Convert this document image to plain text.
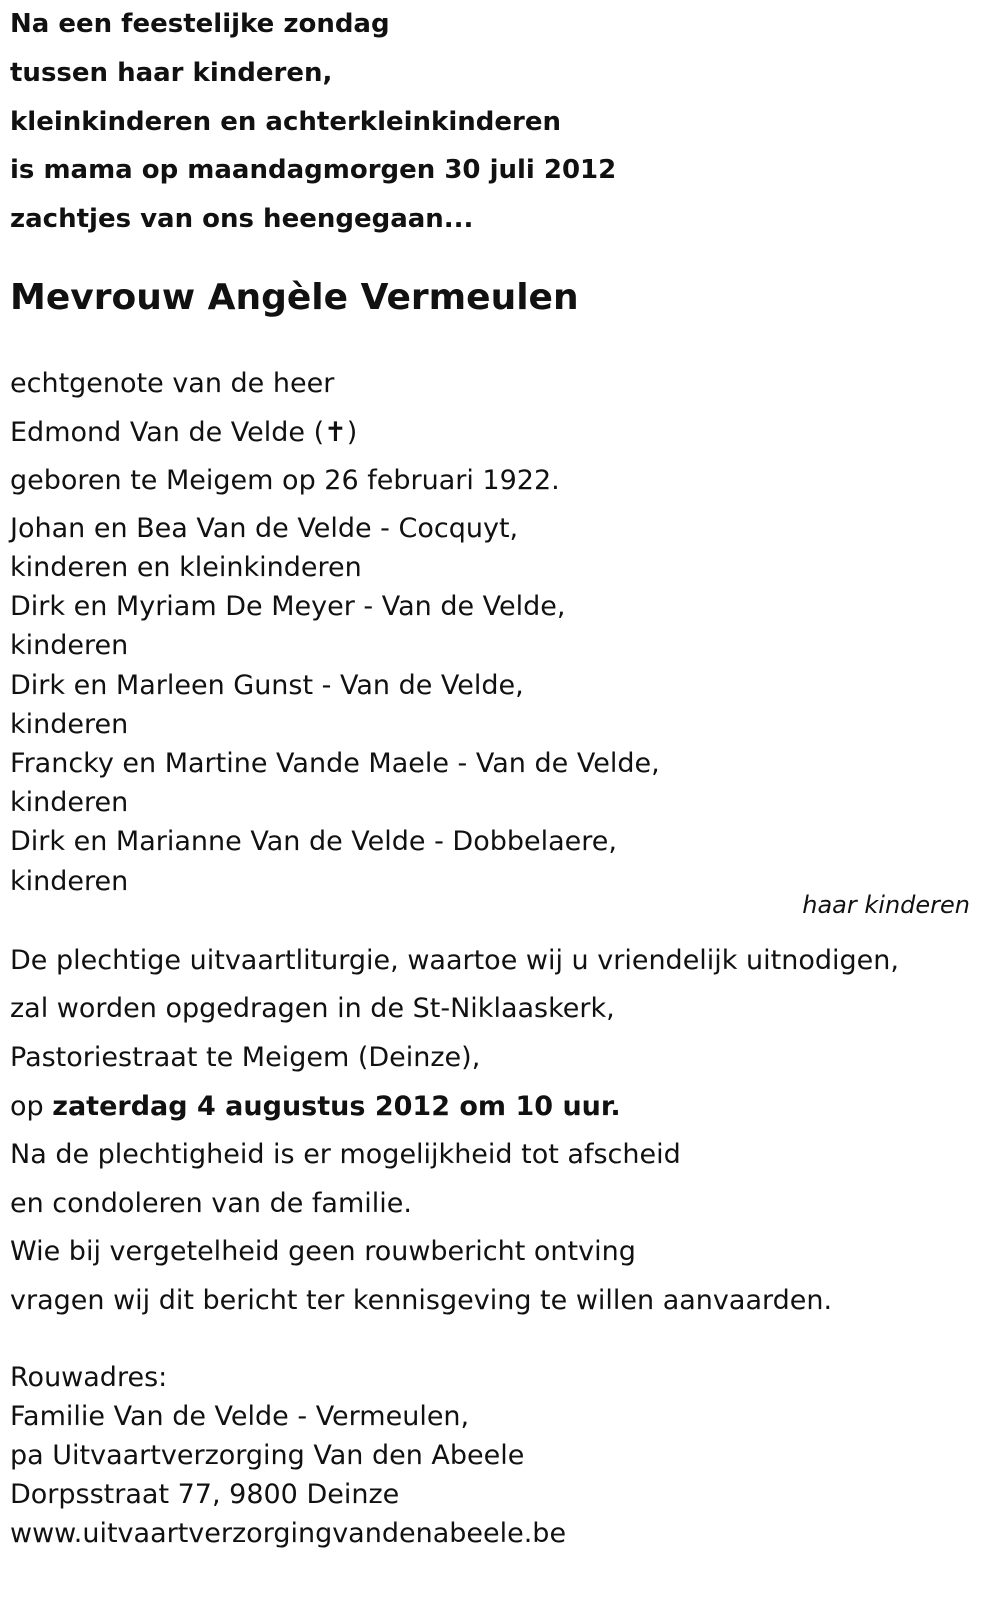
Na een feestelijke zondag
tussen haar kinderen,
kleinkinderen en achterkleinkinderen
is mama op maandagmorgen 30 juli 2012
zachtjes van ons heengegaan...
Mevrouw Angèle Vermeulen
echtgenote van de heer
Edmond Van de Velde (✝)
geboren te Meigem op 26 februari 1922.
Johan en Bea Van de Velde - Cocquyt,
kinderen en kleinkinderen
Dirk en Myriam De Meyer - Van de Velde,
kinderen
Dirk en Marleen Gunst - Van de Velde,
kinderen
Francky en Martine Vande Maele - Van de Velde,
kinderen
Dirk en Marianne Van de Velde - Dobbelaere,
kinderen
haar kinderen
De plechtige uitvaartliturgie, waartoe wij u vriendelijk uitnodigen,
zal worden opgedragen in de St-Niklaaskerk,
Pastoriestraat te Meigem (Deinze),
op zaterdag 4 augustus 2012 om 10 uur.
Na de plechtigheid is er mogelijkheid tot afscheid
en condoleren van de familie.
Wie bij vergetelheid geen rouwbericht ontving
vragen wij dit bericht ter kennisgeving te willen aanvaarden.
Rouwadres:
Familie Van de Velde - Vermeulen,
pa Uitvaartverzorging Van den Abeele
Dorpsstraat 77, 9800 Deinze
www.uitvaartverzorgingvandenabeele.be
